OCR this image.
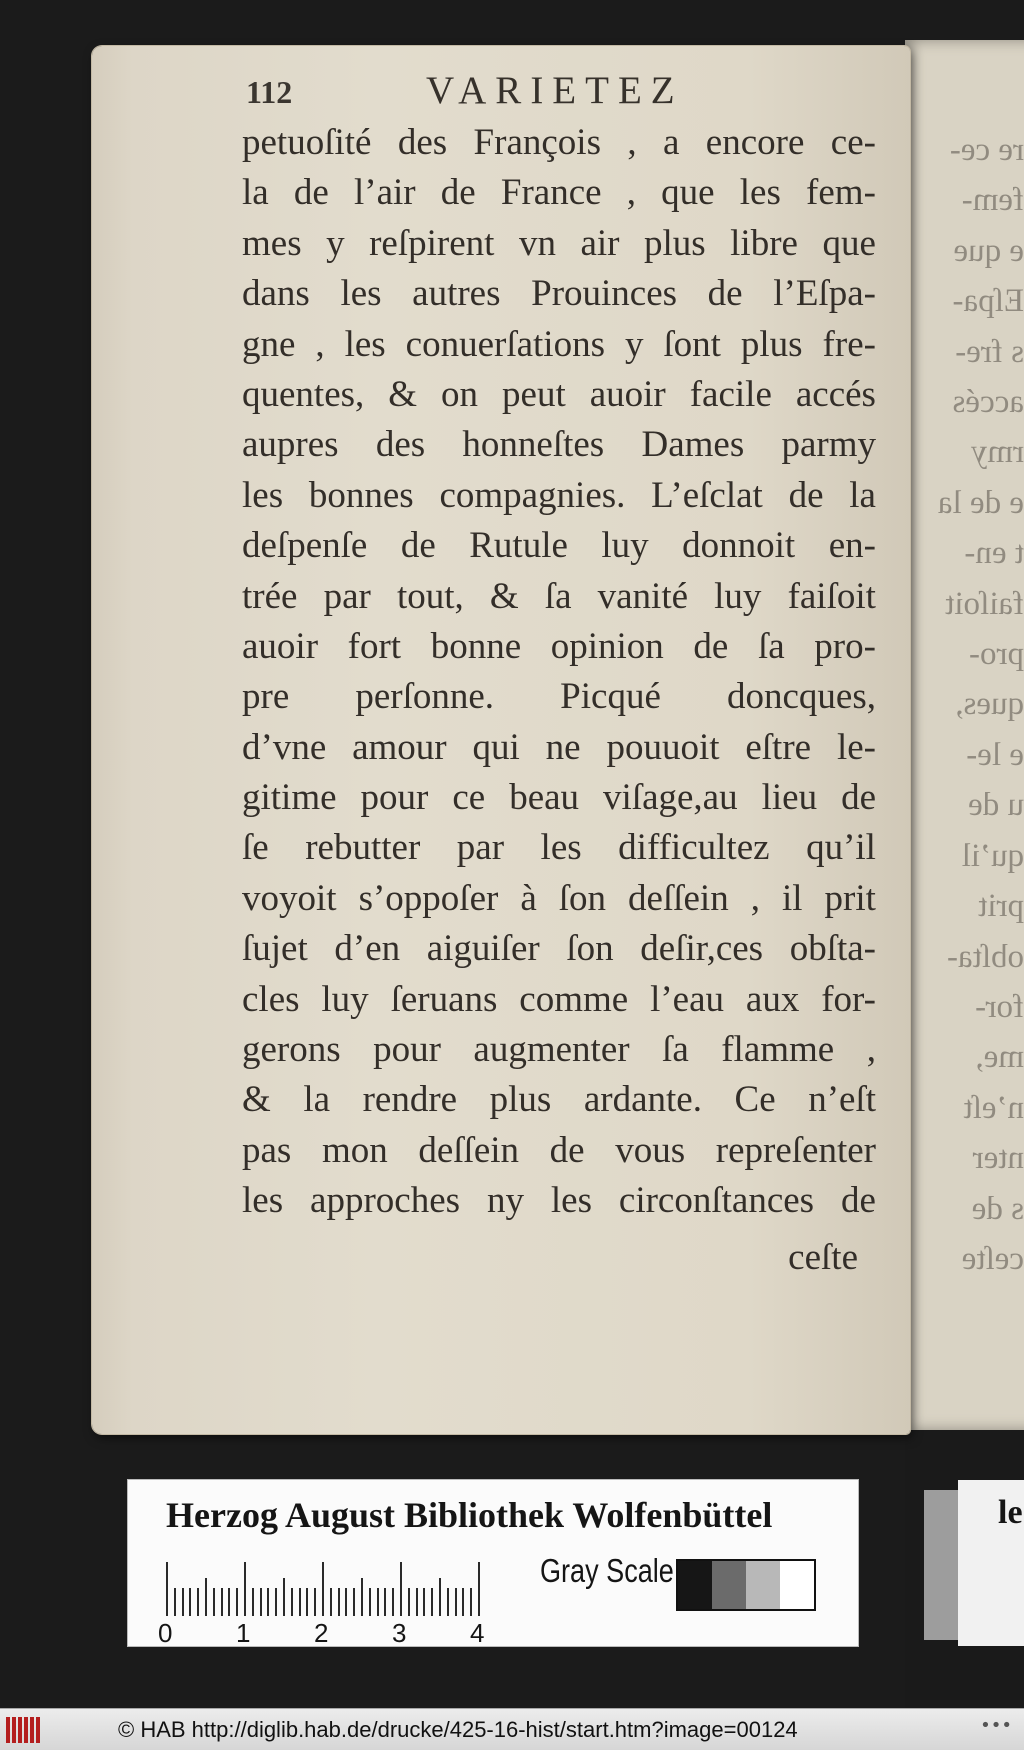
re ce-
fem-
e que
Eſpa-
s fre-
accés
rmy
e de la
t en-
faiſoit
pro-
ques,
e le-
u de
qu’il
prit
obſta-
for-
me,
n’eſt
nter
s de
ceſte
112	VARIETEZ
petuoſité des François , a encore ce-
la de l’air de France , que les fem-
mes y reſpirent vn air plus libre que
dans les autres Prouinces de l’Eſpa-
gne , les conuerſations y ſont plus fre-
quentes, & on peut auoir facile accés
aupres des honneſtes Dames parmy
les bonnes compagnies. L’eſclat de la
deſpenſe de Rutule luy donnoit en-
trée par tout, & ſa vanité luy faiſoit
auoir fort bonne opinion de ſa pro-
pre perſonne. Picqué doncques,
d’vne amour qui ne pouuoit eſtre le-
gitime pour ce beau viſage,au lieu de
ſe rebutter par les difficultez qu’il
voyoit s’oppoſer à ſon deſſein , il prit
ſujet d’en aiguiſer ſon deſir,ces obſta-
cles luy ſeruans comme l’eau aux for-
gerons pour augmenter ſa flamme ,
& la rendre plus ardante. Ce n’eſt
pas mon deſſein de vous repreſenter
les approches ny les circonſtances de
ceſte
Herzog August Bibliothek Wolfenbüttel
Gray Scale
0 1 2 3 4
le
© HAB http://diglib.hab.de/drucke/425-16-hist/start.htm?image=00124	•••
